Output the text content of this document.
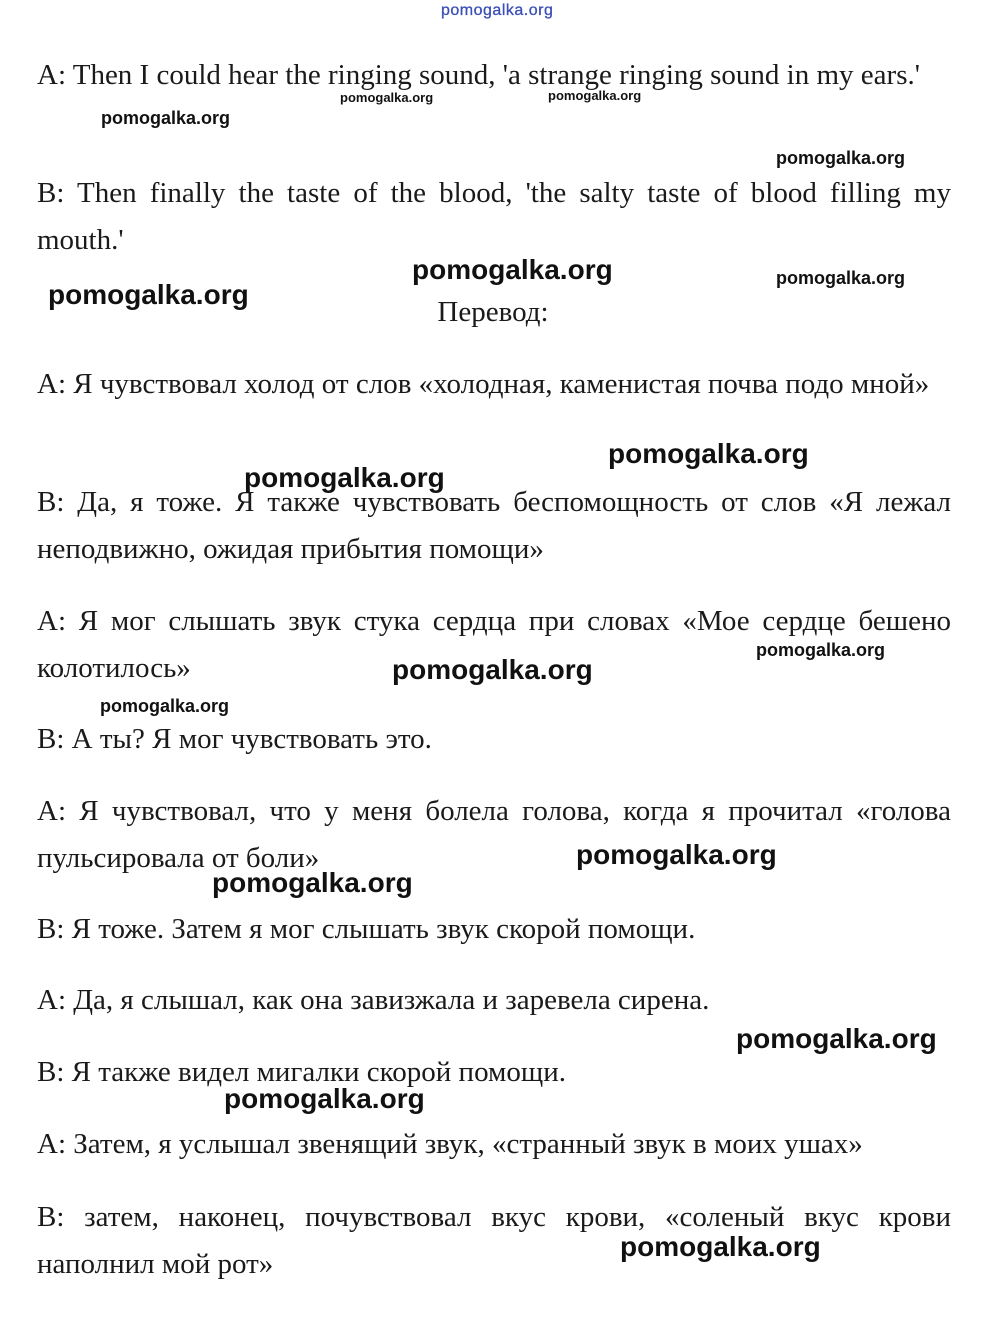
pomogalka.org

A: Then I could hear the ringing sound, 'a strange ringing sound in my ears.'

B: Then finally the taste of the blood, 'the salty taste of blood filling my mouth.'

Перевод:

А: Я чувствовал холод от слов «холодная, каменистая почва подо мной»

В: Да, я тоже. Я также чувствовать беспомощность от слов «Я лежал неподвижно, ожидая прибытия помощи»

А: Я мог слышать звук стука сердца при словах «Мое сердце бешено колотилось»

В: А ты? Я мог чувствовать это.

А: Я чувствовал, что у меня болела голова, когда я прочитал «голова пульсировала от боли»

В: Я тоже. Затем я мог слышать звук скорой помощи.

А: Да, я слышал, как она завизжала и заревела сирена.

В: Я также видел мигалки скорой помощи.

А: Затем, я услышал звенящий звук, «странный звук в моих ушах»

В: затем, наконец, почувствовал вкус крови, «соленый вкус крови наполнил мой рот»

pomogalka.org	pomogalka.org
pomogalka.org
pomogalka.org
pomogalka.org	pomogalka.org
pomogalka.org
pomogalka.org
pomogalka.org
pomogalka.org
pomogalka.org
pomogalka.org
pomogalka.org
pomogalka.org
pomogalka.org
pomogalka.org
pomogalka.org
